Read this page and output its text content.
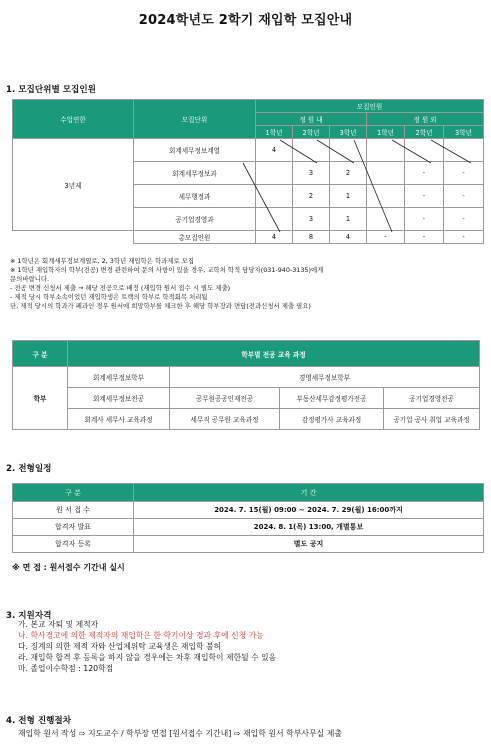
2024학년도 2학기 재입학 모집안내
1. 모집단위별 모집인원
수업연한	모집단위	모집인원					
		정 원 내			정 원 외		
		1학년	2학년	3학년	1학년	2학년	3학년
3년제	회계세무정보계열	4					
	회계세무정보과		3	2		-	-
	세무행정과		2	1		-	-
	공기업경영과		3	1		-	-
	총모집인원	4	8	4	-	-	-
※ 1학년은 회계세무정보계열로, 2, 3학년 재입학은 학과제로 모집
※ 1학년 재입학자의 학부(전공) 변경 관련하여 문의 사항이 있을 경우, 교학처 학적 담당자(031-940-3135)에게
문의바랍니다.
- 전공 변경 신청서 제출 → 해당 전공으로 배정 (재입학 원서 접수 시 별도 제출)
- 제적 당시 학부소속이었던 재입학생은 트랙의 학부로 학적회복 처리됨
단, 제적 당시의 학과가 폐과인 경우 원서에 희망학부를 체크한 후 해당 학부장과 면담(전과신청서 제출 필요)
구 분	학부별 전공 교육 과정			
학부	회계세무정보학부	경영세무정보학부		
	회계세무정보전공	공무원공공인재전공	부동산세무감정평가전공	공기업경영전공
	회계사 세무사 교육과정	세무직 공무원 교육과정	감정평가사 교육과정	공기업 공사 취업 교육과정
2. 전형일정
구 분	기 간
원 서 접 수	2024. 7. 15(월) 09:00 ~ 2024. 7. 29(월) 16:00까지
합격자 발표	2024. 8. 1(목) 13:00, 개별통보
합격자 등록	별도 공지
※ 면 접 : 원서접수 기간내 실시
3. 지원자격
가. 본교 자퇴 및 제적자
나. 학사경고에 의한 제적자의 재입학은 한 학기이상 경과 후에 신청 가능
다. 징계의 의한 제적 자와 산업체위탁 교육생은 재입학 불허
라. 재입학 합격 후 등록을 하지 않을 경우에는 차후 재입학이 제한될 수 있음
마. 졸업이수학점 : 120학점
4. 전형 진행절차
재입학 원서 작성 ⇨ 지도교수 / 학부장 면접 [원서접수 기간내] ⇨ 재입학 원서 학부사무실 제출
